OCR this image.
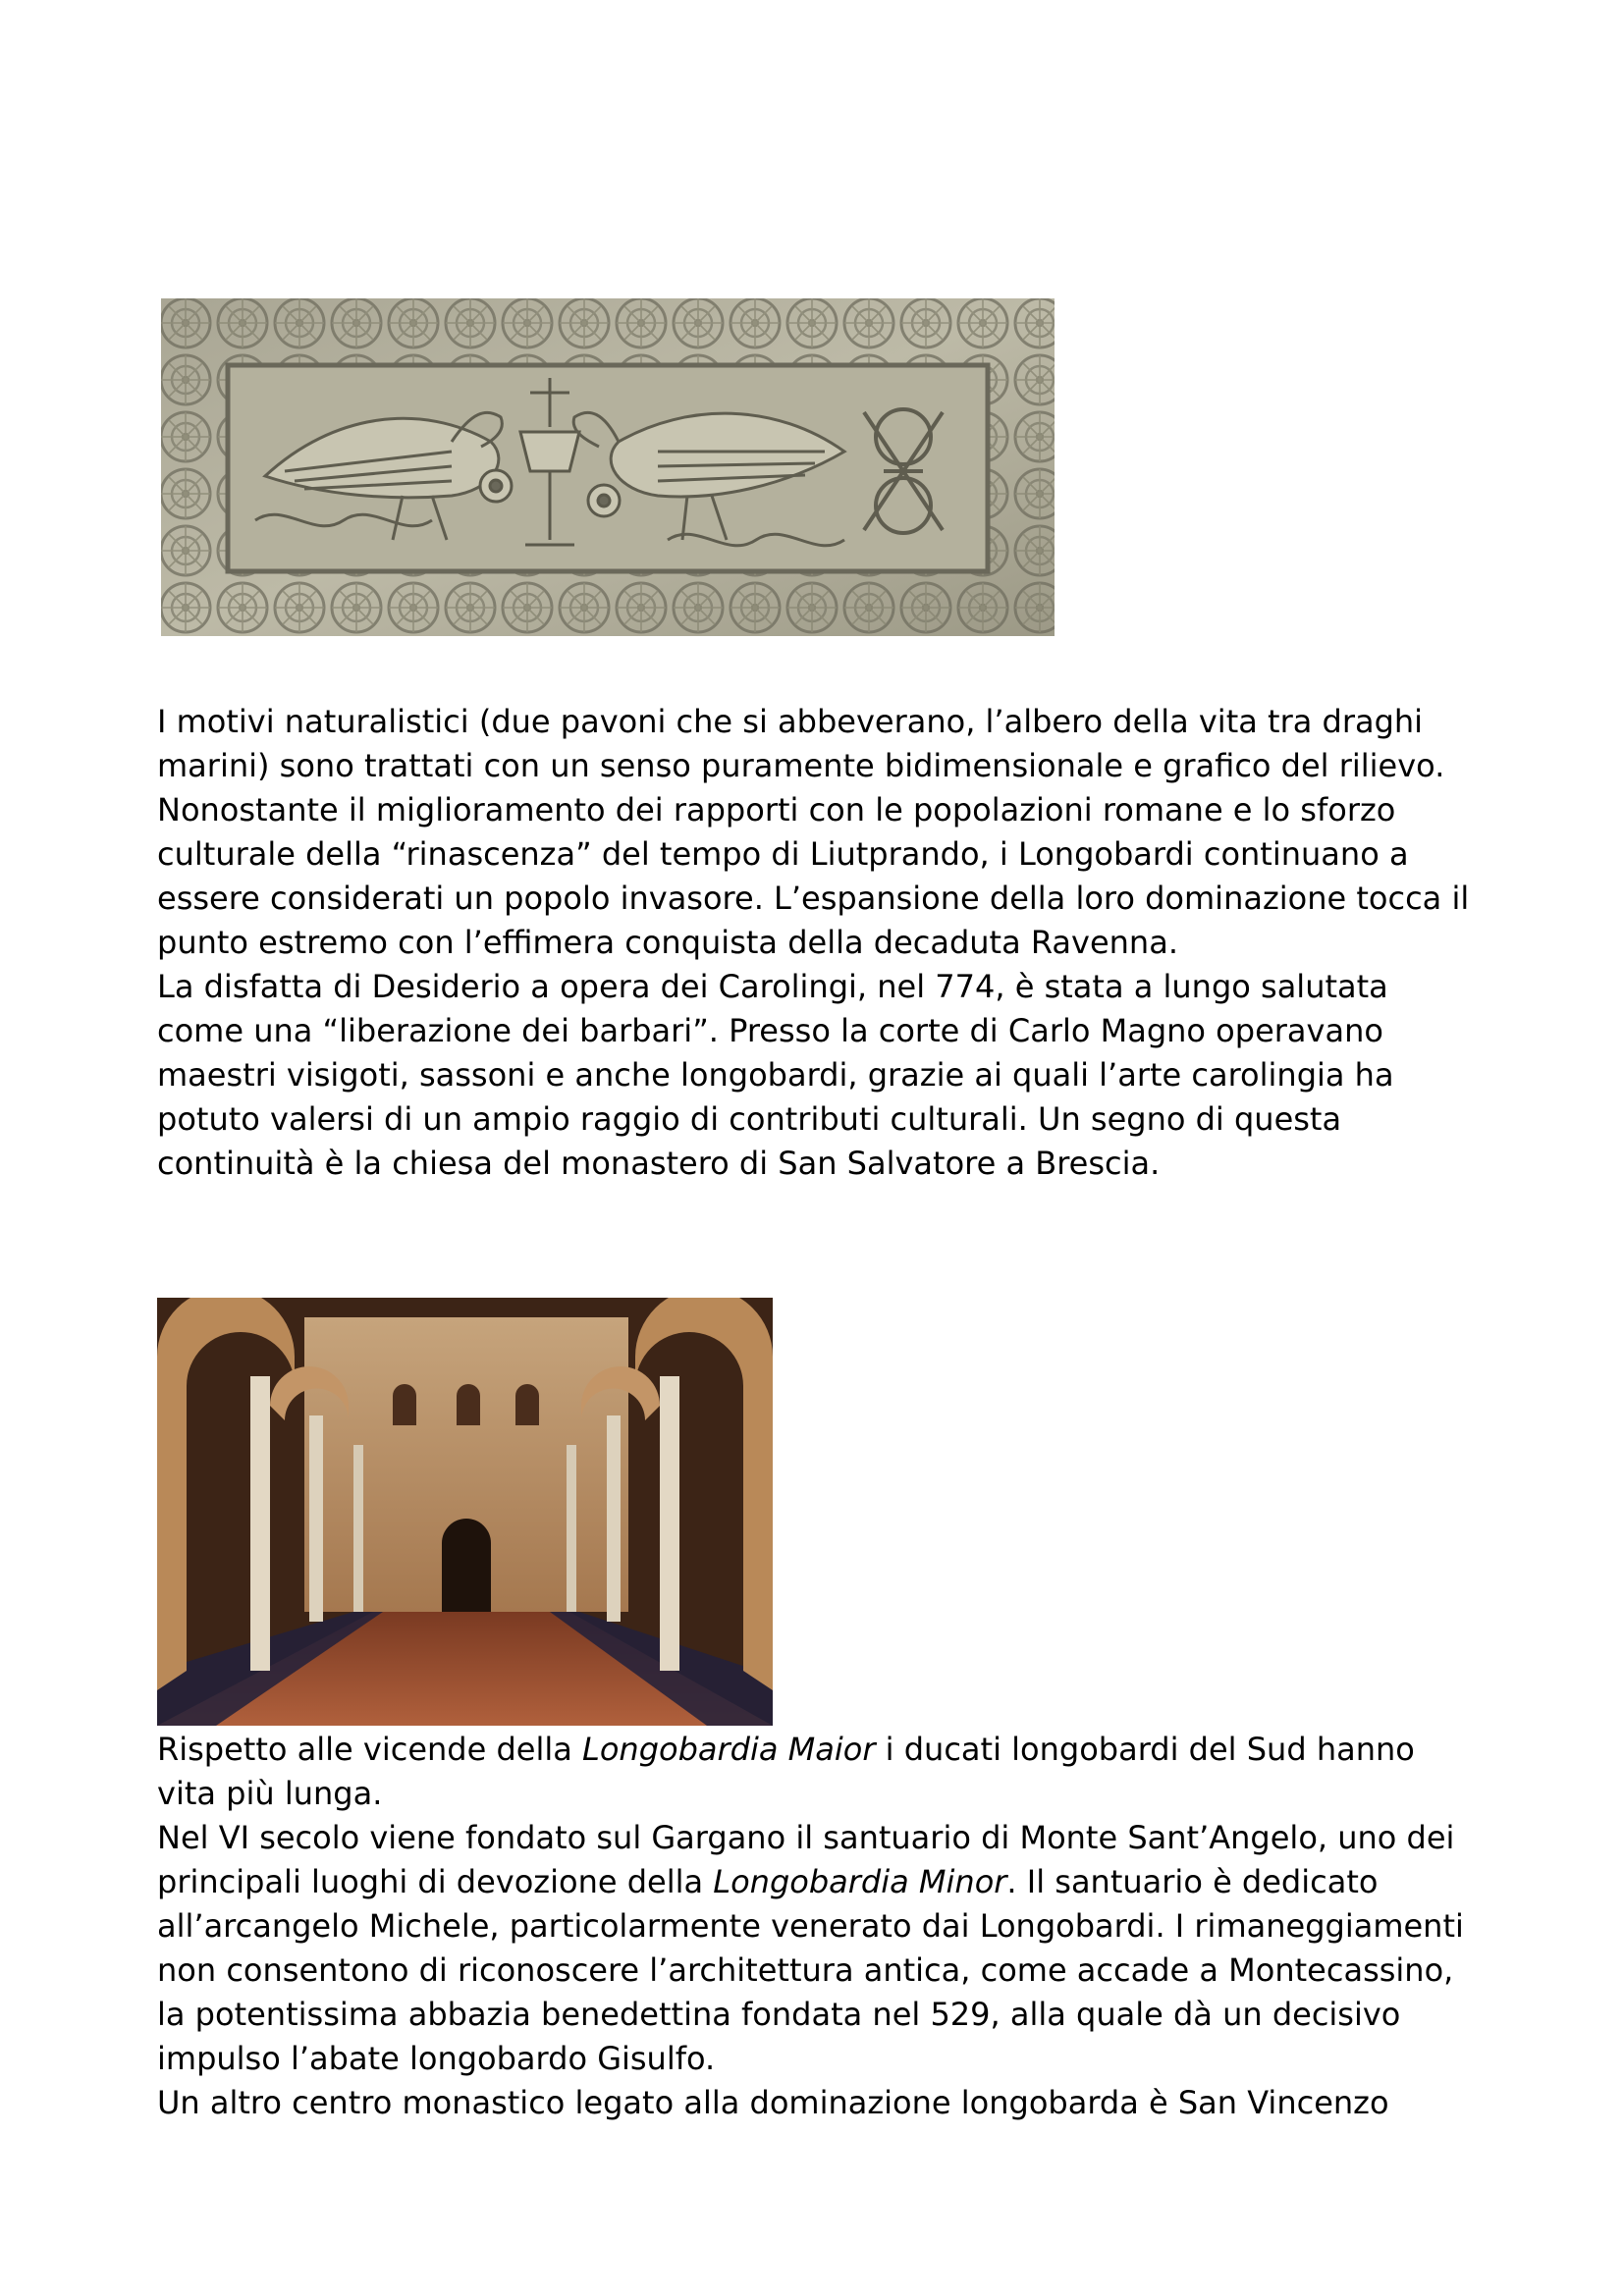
I motivi naturalistici (due pavoni che si abbeverano, l’albero della vita tra draghi marini) sono trattati con un senso puramente bidimensionale e grafico del rilievo.

Nonostante il miglioramento dei rapporti con le popolazioni romane e lo sforzo culturale della “rinascenza” del tempo di Liutprando, i Longobardi continuano a essere considerati un popolo invasore. L’espansione della loro dominazione tocca il punto estremo con l’effimera conquista della decaduta Ravenna.

La disfatta di Desiderio a opera dei Carolingi, nel 774, è stata a lungo salutata come una “liberazione dei barbari”. Presso la corte di Carlo Magno operavano maestri visigoti, sassoni e anche longobardi, grazie ai quali l’arte carolingia ha potuto valersi di un ampio raggio di contributi culturali. Un segno di questa continuità è la chiesa del monastero di San Salvatore a Brescia.

Rispetto alle vicende della Longobardia Maior i ducati longobardi del Sud hanno vita più lunga.

Nel VI secolo viene fondato sul Gargano il santuario di Monte Sant’Angelo, uno dei principali luoghi di devozione della Longobardia Minor. Il santuario è dedicato all’arcangelo Michele, particolarmente venerato dai Longobardi. I rimaneggiamenti non consentono di riconoscere l’architettura antica, come accade a Montecassino, la potentissima abbazia benedettina fondata nel 529, alla quale dà un decisivo impulso l’abate longobardo Gisulfo.

Un altro centro monastico legato alla dominazione longobarda è San Vincenzo
